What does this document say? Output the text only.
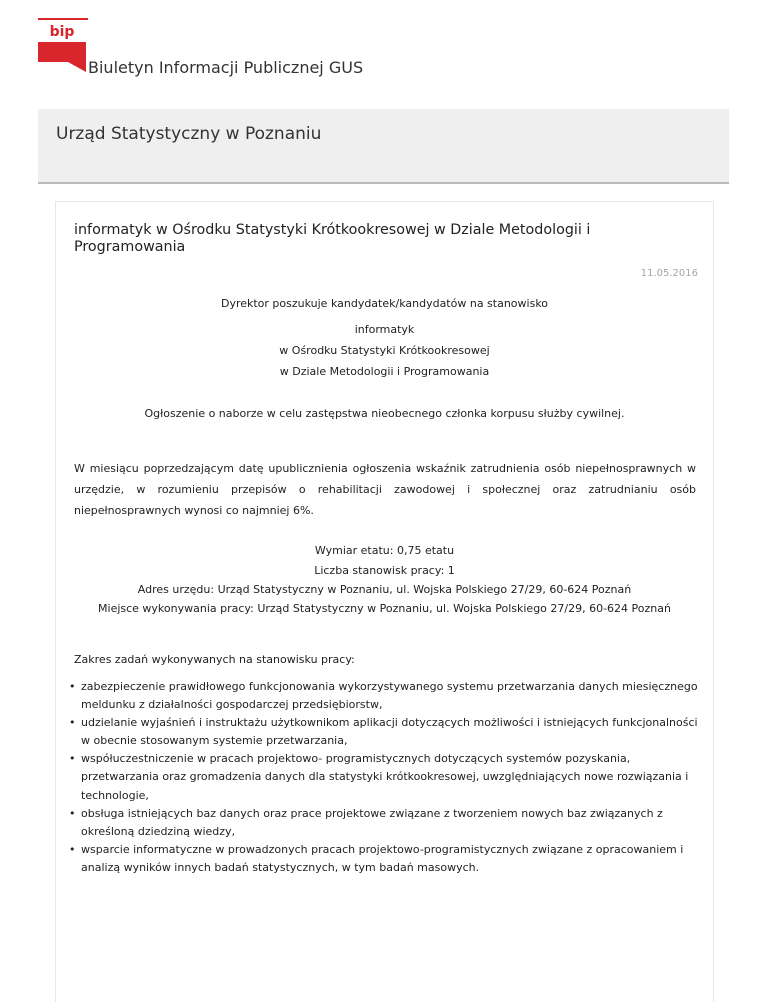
bip
Biuletyn Informacji Publicznej GUS
Urząd Statystyczny w Poznaniu
informatyk w Ośrodku Statystyki Krótkookresowej w Dziale Metodologii i Programowania
11.05.2016
Dyrektor poszukuje kandydatek/kandydatów na stanowisko
informatyk
w Ośrodku Statystyki Krótkookresowej
w Dziale Metodologii i Programowania
Ogłoszenie o naborze w celu zastępstwa nieobecnego członka korpusu służby cywilnej.
W miesiącu poprzedzającym datę upublicznienia ogłoszenia wskaźnik zatrudnienia osób niepełnosprawnych w urzędzie, w rozumieniu przepisów o rehabilitacji zawodowej i społecznej oraz zatrudnianiu osób niepełnosprawnych wynosi co najmniej 6%.
Wymiar etatu: 0,75 etatu
Liczba stanowisk pracy: 1
Adres urzędu: Urząd Statystyczny w Poznaniu, ul. Wojska Polskiego 27/29, 60-624 Poznań
Miejsce wykonywania pracy: Urząd Statystyczny w Poznaniu, ul. Wojska Polskiego 27/29, 60-624 Poznań
Zakres zadań wykonywanych na stanowisku pracy:
• zabezpieczenie prawidłowego funkcjonowania wykorzystywanego systemu przetwarzania danych miesięcznego meldunku z działalności gospodarczej przedsiębiorstw,
• udzielanie wyjaśnień i instruktażu użytkownikom aplikacji dotyczących możliwości i istniejących funkcjonalności w obecnie stosowanym systemie przetwarzania,
• współuczestniczenie w pracach projektowo- programistycznych dotyczących systemów pozyskania, przetwarzania oraz gromadzenia danych dla statystyki krótkookresowej, uwzględniających nowe rozwiązania i technologie,
• obsługa istniejących baz danych oraz prace projektowe związane z tworzeniem nowych baz związanych z określoną dziedziną wiedzy,
• wsparcie informatyczne w prowadzonych pracach projektowo-programistycznych związane z opracowaniem i analizą wyników innych badań statystycznych, w tym badań masowych.
